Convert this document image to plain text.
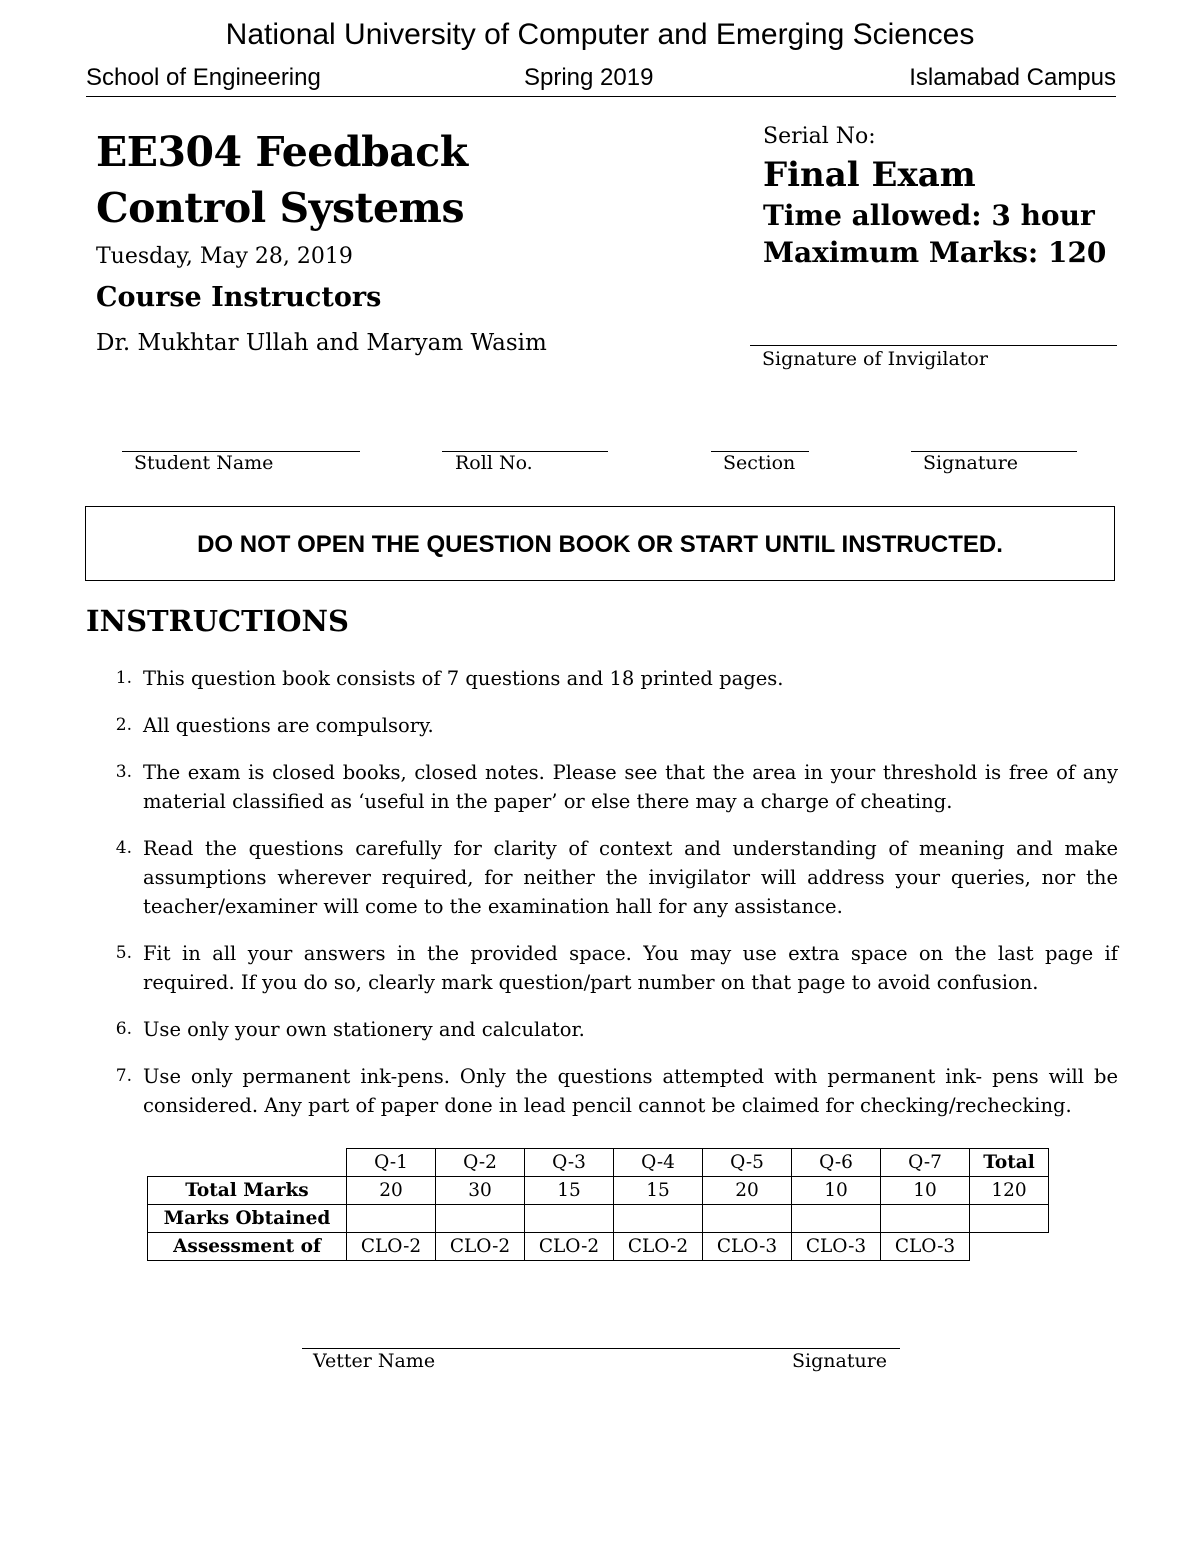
National University of Computer and Emerging Sciences
School of Engineering	Spring 2019	Islamabad Campus
EE304 Feedback Control Systems
Tuesday, May 28, 2019
Course Instructors
Dr. Mukhtar Ullah and Maryam Wasim
Serial No:
Final Exam
Time allowed: 3 hour
Maximum Marks: 120
Signature of Invigilator
Student Name	Roll No.	Section	Signature
DO NOT OPEN THE QUESTION BOOK OR START UNTIL INSTRUCTED.
INSTRUCTIONS
1. This question book consists of 7 questions and 18 printed pages.
2. All questions are compulsory.
3. The exam is closed books, closed notes. Please see that the area in your threshold is free of any material classified as ‘useful in the paper’ or else there may a charge of cheating.
4. Read the questions carefully for clarity of context and understanding of meaning and make assumptions wherever required, for neither the invigilator will address your queries, nor the teacher/examiner will come to the examination hall for any assistance.
5. Fit in all your answers in the provided space. You may use extra space on the last page if required. If you do so, clearly mark question/part number on that page to avoid confusion.
6. Use only your own stationery and calculator.
7. Use only permanent ink-pens. Only the questions attempted with permanent ink- pens will be considered. Any part of paper done in lead pencil cannot be claimed for checking/rechecking.
	Q-1	Q-2	Q-3	Q-4	Q-5	Q-6	Q-7	Total
Total Marks	20	30	15	15	20	10	10	120
Marks Obtained								
Assessment of	CLO-2	CLO-2	CLO-2	CLO-2	CLO-3	CLO-3	CLO-3	
Vetter Name	Signature
